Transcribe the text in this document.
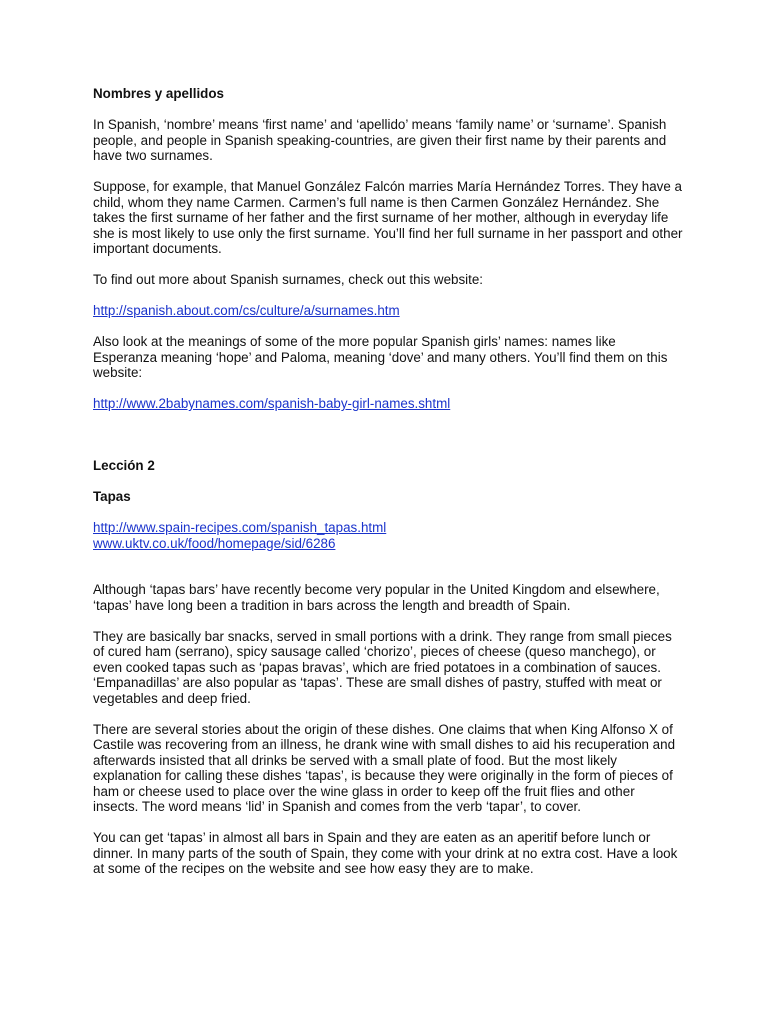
Nombres y apellidos

In Spanish, ‘nombre’ means ‘first name’ and ‘apellido’ means ‘family name’ or ‘surname’. Spanish people, and people in Spanish speaking-countries, are given their first name by their parents and have two surnames.

Suppose, for example, that Manuel González Falcón marries María Hernández Torres. They have a child, whom they name Carmen. Carmen’s full name is then Carmen González Hernández. She takes the first surname of her father and the first surname of her mother, although in everyday life she is most likely to use only the first surname. You’ll find her full surname in her passport and other important documents.

To find out more about Spanish surnames, check out this website:

http://spanish.about.com/cs/culture/a/surnames.htm

Also look at the meanings of some of the more popular Spanish girls’ names: names like Esperanza meaning ‘hope’ and Paloma, meaning ‘dove’ and many others. You’ll find them on this website:

http://www.2babynames.com/spanish-baby-girl-names.shtml

Lección 2

Tapas

http://www.spain-recipes.com/spanish_tapas.html
www.uktv.co.uk/food/homepage/sid/6286

Although ‘tapas bars’ have recently become very popular in the United Kingdom and elsewhere, ‘tapas’ have long been a tradition in bars across the length and breadth of Spain.

They are basically bar snacks, served in small portions with a drink. They range from small pieces of cured ham (serrano), spicy sausage called ‘chorizo’, pieces of cheese (queso manchego), or even cooked tapas such as ‘papas bravas’, which are fried potatoes in a combination of sauces. ‘Empanadillas’ are also popular as ‘tapas’. These are small dishes of pastry, stuffed with meat or vegetables and deep fried.

There are several stories about the origin of these dishes. One claims that when King Alfonso X of Castile was recovering from an illness, he drank wine with small dishes to aid his recuperation and afterwards insisted that all drinks be served with a small plate of food. But the most likely explanation for calling these dishes ‘tapas’, is because they were originally in the form of pieces of ham or cheese used to place over the wine glass in order to keep off the fruit flies and other insects. The word means ‘lid’ in Spanish and comes from the verb ‘tapar’, to cover.

You can get ‘tapas’ in almost all bars in Spain and they are eaten as an aperitif before lunch or dinner. In many parts of the south of Spain, they come with your drink at no extra cost. Have a look at some of the recipes on the website and see how easy they are to make.
